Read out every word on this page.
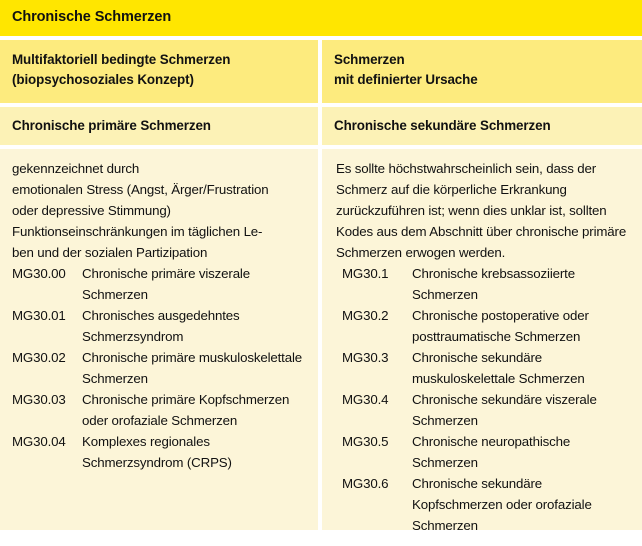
Chronische Schmerzen
Multifaktoriell bedingte Schmerzen
(biopsychosoziales Konzept)
Schmerzen
mit definierter Ursache
Chronische primäre Schmerzen	Chronische sekundäre Schmerzen
gekennzeichnet durch
emotionalen Stress (Angst, Ärger/Frustration
oder depressive Stimmung)
Funktionseinschränkungen im täglichen Le-
ben und der sozialen Partizipation
MG30.00 Chronische primäre viszerale Schmerzen
MG30.01 Chronisches ausgedehntes Schmerzsyndrom
MG30.02 Chronische primäre muskuloskelettale Schmerzen
MG30.03 Chronische primäre Kopfschmerzen oder orofaziale Schmerzen
MG30.04 Komplexes regionales Schmerzsyndrom (CRPS)
Es sollte höchstwahrscheinlich sein, dass der Schmerz auf die körperliche Erkrankung zurückzuführen ist; wenn dies unklar ist, sollten Kodes aus dem Abschnitt über chronische primäre Schmerzen erwogen werden.
MG30.1 Chronische krebsassoziierte Schmerzen
MG30.2 Chronische postoperative oder posttraumatische Schmerzen
MG30.3 Chronische sekundäre muskuloskelettale Schmerzen
MG30.4 Chronische sekundäre viszerale Schmerzen
MG30.5 Chronische neuropathische Schmerzen
MG30.6 Chronische sekundäre Kopfschmerzen oder orofaziale Schmerzen
